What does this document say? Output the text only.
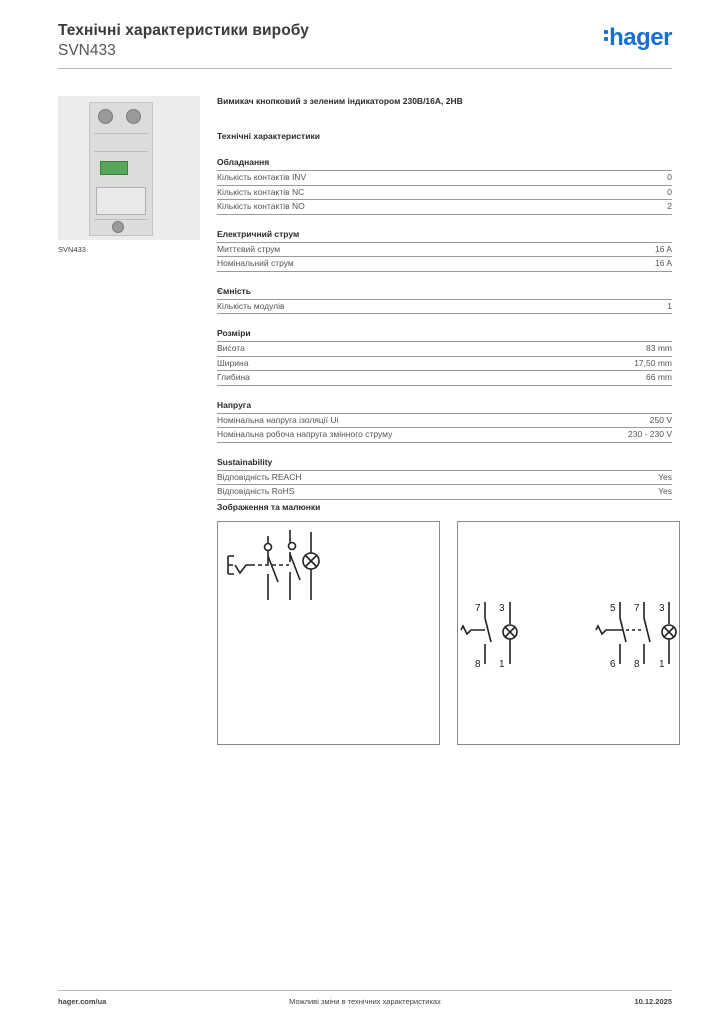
Технічні характеристики виробу
SVN433	hager
SVN433
Вимикач кнопковий з зеленим індикатором 230В/16А, 2НВ
Технічні характеристики
Обладнання
Кількість контактів INV	0
Кількість контактів NC	0
Кількість контактів NO	2
Електричний струм
Миттєвий струм	16 A
Номінальний струм	16 A
Ємність
Кількість модулів	1
Розміри
Висота	83 mm
Ширина	17,50 mm
Глибина	66 mm
Напруга
Номінальна напруга ізоляції Ui	250 V
Номінальна робоча напруга змінного струму	230 - 230 V
Sustainability
Відповідність REACH	Yes
Відповідність RoHS	Yes
Зображення та малюнки
7 3
8 1
5 7 3
6 8 1
hager.com/ua	Можливі зміни в технічних характеристиках	10.12.2025
